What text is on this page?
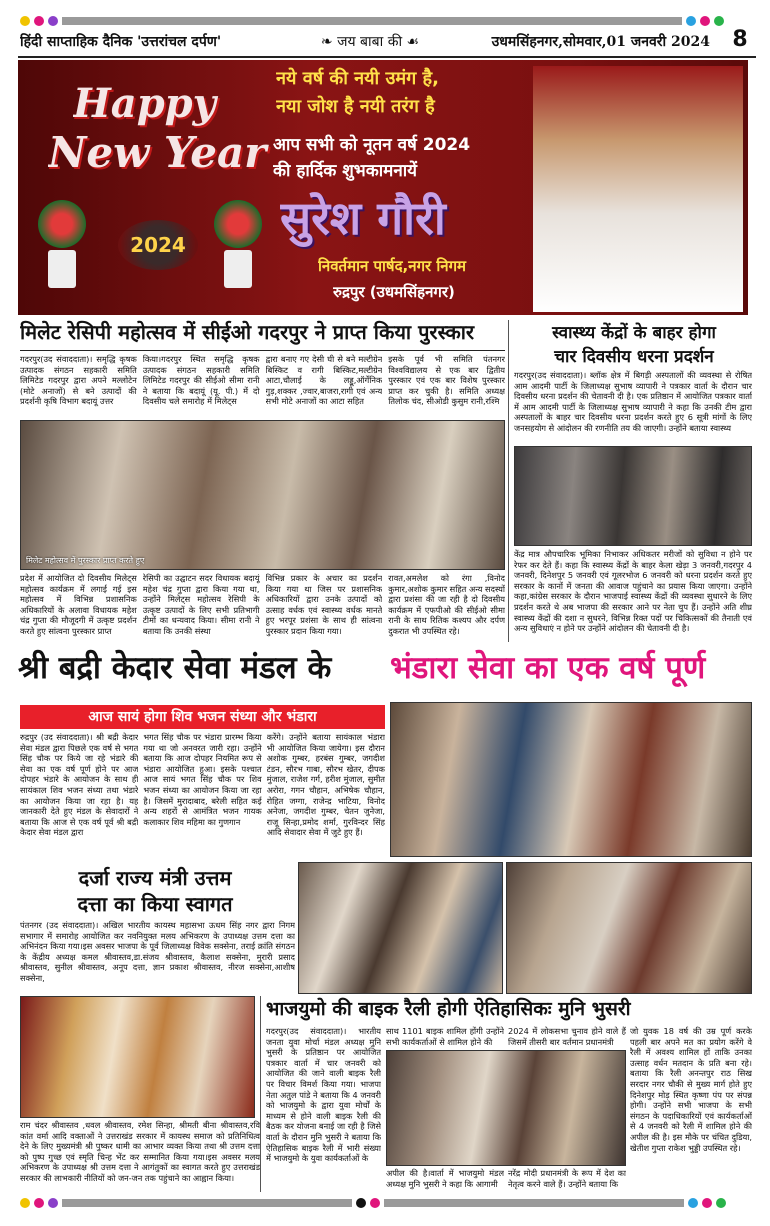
हिंदी साप्ताहिक दैनिक 'उत्तरांचल दर्पण'	❧ जय बाबा की ☙	उधमसिंहनगर,सोमवार,01 जनवरी 2024	8
Happy
New Year
2024
नये वर्ष की नयी उमंग है,
नया जोश है नयी तरंग है
आप सभी को नूतन वर्ष 2024
की हार्दिक शुभकामनायें
सुरेश गौरी
निवर्तमान पार्षद,नगर निगम
रुद्रपुर (उधमसिंहनगर)
मिलेट रेसिपी महोत्सव में सीईओ गदरपुर ने प्राप्त किया पुरस्कार
गदरपुर(उद संवाददाता)। समृद्धि कृषक उत्पादक संगठन सहकारी समिति लिमिटेड गदरपुर द्वारा अपने मल्लोटेन (मोटे अनाजों) से बने उत्पादों की प्रदर्शनी कृषि विभाग बदायूं उत्तर
किया।गदरपुर स्थित समृद्धि कृषक उत्पादक संगठन सहकारी समिति लिमिटेड गदरपुर की सीईओ सीमा रानी ने बताया कि बदायूं (यू. पी.) में दो दिवसीय चले समारोह में मिलेट्स
द्वारा बनाए गए देसी घी से बने मल्टीग्रेन बिस्किट व रागी बिस्किट,मल्टीग्रेन आटा,चौलाई के लड्डू,ऑर्गेनिक गुड़,शक्कर ,ज्वार,बाजरा,रागी एवं अन्य सभी मोटे अनाजों का आटा सहित
इसके पूर्व भी समिति पंतनगर विश्वविद्यालय से एक बार द्वितीय पुरस्कार एवं एक बार विशेष पुरस्कार प्राप्त कर चुकी है। समिति अध्यक्ष तिलोक चंद, सीओडी कुसुम रानी,रश्मि
मिलेट महोत्सव में पुरस्कार प्राप्त करते हुए
प्रदेश में आयोजित दो दिवसीय मिलेट्स महोत्सव कार्यक्रम में लगाई गई इस महोत्सव में विभिन्न प्रशासनिक अधिकारियों के अलावा विधायक महेश चंद्र गुप्ता की मौजूदगी में उत्कृष्ट प्रदर्शन करते हुए सांत्वना पुरस्कार प्राप्त
रेसिपी का उद्घाटन सदर विधायक बदायूं महेश चंद्र गुप्ता द्वारा किया गया था, उन्होंने मिलेट्स महोत्सव रेसिपी के उत्कृष्ट उत्पादों के लिए सभी प्रतिभागी टीमों का धन्यवाद किया। सीमा रानी ने बताया कि उनकी संस्था
विभिन्न प्रकार के अचार का प्रदर्शन किया गया था जिस पर प्रशासनिक अधिकारियों द्वारा उनके उत्पादों को उत्साह वर्धक एवं स्वास्थ्य वर्धक मानते हुए भरपूर प्रशंसा के साथ ही सांत्वना पुरस्कार प्रदान किया गया।
रावत,अमलेश को रंगा ,विनोद कुमार,अशोक कुमार सहित अन्य सदस्यों द्वारा प्रशंसा की जा रही है दो दिवसीय कार्यक्रम में एफपीओ की सीईओ सीमा रानी के साथ रितिक कश्यप और दर्पण दुकरात भी उपस्थित रहे।
स्वास्थ्य केंद्रों के बाहर होगा
चार दिवसीय धरना प्रदर्शन
गदरपुर(उद संवाददाता)। ब्लॉक क्षेत्र में बिगड़ी अस्पतालों की व्यवस्था से रोषित आम आदमी पार्टी के जिलाध्यक्ष सुभाष व्यापारी ने पत्रकार वार्ता के दौरान चार दिवसीय धरना प्रदर्शन की चेतावनी दी है। एक प्रतिष्ठान में आयोजित पत्रकार वार्ता में आम आदमी पार्टी के जिलाध्यक्ष सुभाष व्यापारी ने कहा कि उनकी टीम द्वारा अस्पतालों के बाहर चार दिवसीय धरना प्रदर्शन करते हुए 6 सूत्री मांगों के लिए जनसहयोग से आंदोलन की रणनीति तय की जाएगी। उन्होंने बताया स्वास्थ्य
केंद्र मात्र औपचारिक भूमिका निभाकर अधिकतर मरीजों को सुविधा न होने पर रेफर कर देते हैं। कहा कि स्वास्थ्य केंद्रों के बाहर केला खेड़ा 3 जनवरी,गदरपुर 4 जनवरी, दिनेशपुर 5 जनवरी एवं गूलरभोज 6 जनवरी को धरना प्रदर्शन करते हुए सरकार के कानों में जनता की आवाज पहुंचाने का प्रयास किया जाएगा। उन्होंने कहा,कांग्रेस सरकार के दौरान भाजपाई स्वास्थ्य केंद्रों की व्यवस्था सुधारने के लिए प्रदर्शन करते थे अब भाजपा की सरकार आने पर नेता चुप हैं। उन्होंने अति शीघ्र स्वास्थ्य केंद्रों की दशा न सुधरने, विभिन्न रिक्त पदों पर चिकित्सकों की तैनाती एवं अन्य सुविधाएं न होने पर उन्होंने आंदोलन की चेतावनी दी है।
श्री बद्री केदार सेवा मंडल के	भंडारा सेवा का एक वर्ष पूर्ण
आज सायं होगा शिव भजन संध्या और भंडारा
रुद्रपुर (उद संवाददाता)। श्री बद्री केदार सेवा मंडल द्वारा पिछले एक वर्ष से भगत सिंह चौक पर किये जा रहे भंडारे की सेवा का एक वर्ष पूर्ण होने पर आज दोपहर भंडारे के आयोजन के साथ ही सायंकाल शिव भजन संध्या तथा भंडारे का आयोजन किया जा रहा है। यह जानकारी देते हुए मंडल के सेवादारों ने बताया कि आज से एक वर्ष पूर्व श्री बद्री केदार सेवा मंडल द्वारा
भगत सिंह चौक पर भंडारा प्रारम्भ किया गया था जो अनवरत जारी रहा। उन्होंने बताया कि आज दोपहर नियमित रूप से भंडारा आयोजित हुआ। इसके पश्चात आज सायं भगत सिंह चौक पर शिव भजन संध्या का आयोजन किया जा रहा है। जिसमें मुरादाबाद, बरेली सहित कई अन्य शहरों से आमंत्रित भजन गायक कलाकार शिव महिमा का गुणगान
करेंगे। उन्होंने बताया सायंकाल भंडारा भी आयोजित किया जायेगा। इस दौरान अशोक गुम्बर, हरबंस गुम्बर, जगदीश टंडन, सौरभ गाबा, सौरभ खेतर, दीपक मुंजाल, राजेश गर्ग, हरीश मुंजाल, सुमीत अरोरा, गगन चौहान, अभिषेक चौहान, रोहित जग्गा, राजेन्द्र भाटिया, विनोद अनेजा, जगदीश गुम्बर, चेतन जुनेजा, राजू सिन्हा,प्रमोद शर्मा, गुरविन्दर सिंह आदि सेवादार सेवा में जुटे हुए हैं।
दर्जा राज्य मंत्री उत्तम
दत्ता का किया स्वागत
पंतनगर (उद संवाददाता)। अखिल भारतीय कायस्थ महासभा ऊधम सिंह नगर द्वारा निगम सभागार में समारोह आयोजित कर नवनियुक्त मलय अभिकरण के उपाध्यक्ष उत्तम दत्ता का अभिनंदन किया गया।इस अवसर भाजपा के पूर्व जिलाध्यक्ष विवेक सक्सेना, तराई क्रांति संगठन के केंद्रीय अध्यक्ष कमल श्रीवास्तव,डा.संजय श्रीवास्तव, कैलाश सक्सेना, मुरारी प्रसाद श्रीवास्तव, सुनील श्रीवास्तव, अनूप दत्ता, ज्ञान प्रकाश श्रीवास्तव, नीरज सक्सेना,आशीष सक्सेना,
राम चंदर श्रीवास्तव ,धवल श्रीवास्तव, रमेश सिन्हा, श्रीमती बीना श्रीवास्तव,रवि कांत वर्मा आदि वक्ताओं ने उत्तराखंड सरकार में कायस्थ समाज को प्रतिनिधित्व देने के लिए मुख्यमंत्री श्री पुष्कर धामी का आभार व्यक्त किया तथा श्री उत्तम दत्ता को पुष्प गुच्छ एवं स्मृति चिन्ह भेंट कर सम्मानित किया गया।इस अवसर मलय अभिकरण के उपाध्यक्ष श्री उत्तम दत्ता ने आगंतुकों का स्वागत करते हुए उत्तराखंड सरकार की लाभकारी नीतियों को जन-जन तक पहुंचाने का आह्वान किया।
भाजयुमो की बाइक रैली होगी ऐतिहासिकः मुनि भुसरी
गदरपुर(उद संवाददाता)। भारतीय जनता युवा मोर्चा मंडल अध्यक्ष मुनि भुसरी के प्रतिष्ठान पर आयोजित पत्रकार वार्ता में चार जनवरी को आयोजित की जाने वाली बाइक रैली पर विचार विमर्श किया गया। भाजपा नेता अतुल पांडे ने बताया कि 4 जनवरी को भाजयुमो के द्वारा युवा मोर्चों के माध्यम से होने वाली बाइक रैली की बैठक कर योजना बनाई जा रही है जिसे वार्ता के दौरान मुनि भुसरी ने बताया कि ऐतिहासिक बाइक रैली में भारी संख्या में भाजयुमो के युवा कार्यकर्ताओं के
साथ 1101 बाइक शामिल होंगी उन्होंने सभी कार्यकर्ताओं से शामिल होने की
2024 में लोकसभा चुनाव होने वाले हैं जिसमें तीसरी बार वर्तमान प्रधानमंत्री
अपील की है।वार्ता में भाजयुमो मंडल अध्यक्ष मुनि भुसरी ने कहा कि आगामी
नरेंद्र मोदी प्रधानमंत्री के रूप में देश का नेतृत्व करने वाले हैं। उन्होंने बताया कि
जो युवक 18 वर्ष की उम्र पूर्ण करके पहली बार अपने मत का प्रयोग करेंगे वे रैली में अवश्य शामिल हों ताकि उनका उत्साह वर्धन मतदान के प्रति बना रहे। बताया कि रैली अनन्तपुर राठ सिख सरदार नगर चौकी से मुख्य मार्ग होते हुए दिनेशपुर मोड़ स्थित कृष्णा पंप पर संपन्न होगी। उन्होंने सभी भाजपा के सभी संगठन के पदाधिकारियों एवं कार्यकर्ताओं से 4 जनवरी को रैली में शामिल होने की अपील की है। इस मौके पर चंचित दुडिया, खेतीश गुप्ता राकेश भुड्डी उपस्थित रहे।
